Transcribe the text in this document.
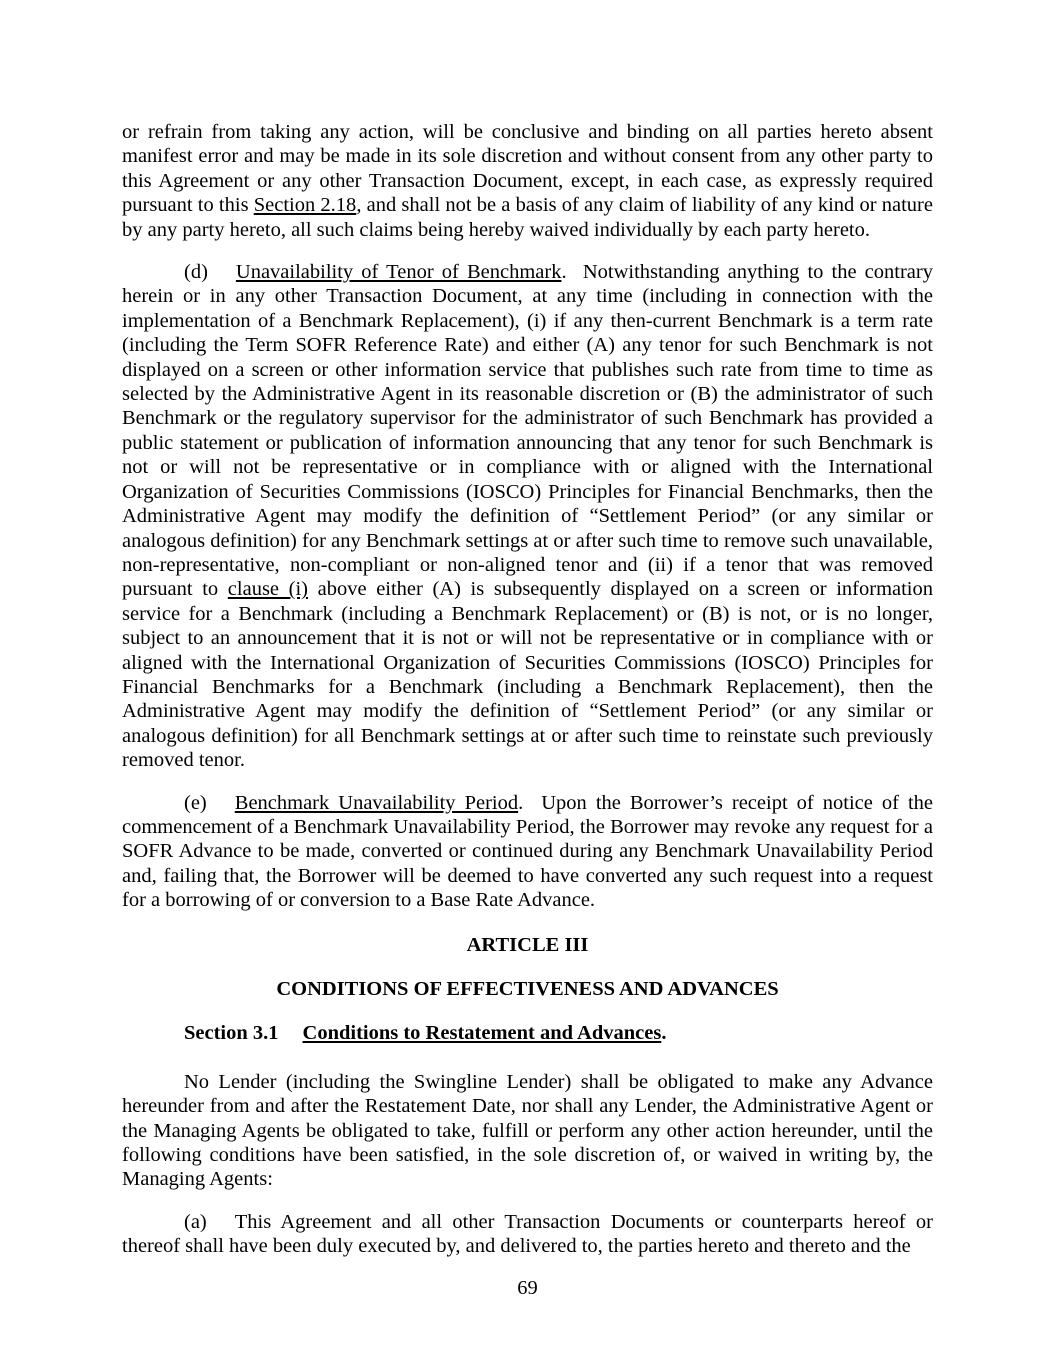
or refrain from taking any action, will be conclusive and binding on all parties hereto absent manifest error and may be made in its sole discretion and without consent from any other party to this Agreement or any other Transaction Document, except, in each case, as expressly required pursuant to this Section 2.18, and shall not be a basis of any claim of liability of any kind or nature by any party hereto, all such claims being hereby waived individually by each party hereto.

(d) Unavailability of Tenor of Benchmark.  Notwithstanding anything to the contrary herein or in any other Transaction Document, at any time (including in connection with the implementation of a Benchmark Replacement), (i) if any then-current Benchmark is a term rate (including the Term SOFR Reference Rate) and either (A) any tenor for such Benchmark is not displayed on a screen or other information service that publishes such rate from time to time as selected by the Administrative Agent in its reasonable discretion or (B) the administrator of such Benchmark or the regulatory supervisor for the administrator of such Benchmark has provided a public statement or publication of information announcing that any tenor for such Benchmark is not or will not be representative or in compliance with or aligned with the International Organization of Securities Commissions (IOSCO) Principles for Financial Benchmarks, then the Administrative Agent may modify the definition of “Settlement Period” (or any similar or analogous definition) for any Benchmark settings at or after such time to remove such unavailable, non-representative, non-compliant or non-aligned tenor and (ii) if a tenor that was removed pursuant to clause (i) above either (A) is subsequently displayed on a screen or information service for a Benchmark (including a Benchmark Replacement) or (B) is not, or is no longer, subject to an announcement that it is not or will not be representative or in compliance with or aligned with the International Organization of Securities Commissions (IOSCO) Principles for Financial Benchmarks for a Benchmark (including a Benchmark Replacement), then the Administrative Agent may modify the definition of “Settlement Period” (or any similar or analogous definition) for all Benchmark settings at or after such time to reinstate such previously removed tenor.

(e) Benchmark Unavailability Period.  Upon the Borrower’s receipt of notice of the commencement of a Benchmark Unavailability Period, the Borrower may revoke any request for a SOFR Advance to be made, converted or continued during any Benchmark Unavailability Period and, failing that, the Borrower will be deemed to have converted any such request into a request for a borrowing of or conversion to a Base Rate Advance.

ARTICLE III
CONDITIONS OF EFFECTIVENESS AND ADVANCES

Section 3.1 Conditions to Restatement and Advances.

No Lender (including the Swingline Lender) shall be obligated to make any Advance hereunder from and after the Restatement Date, nor shall any Lender, the Administrative Agent or the Managing Agents be obligated to take, fulfill or perform any other action hereunder, until the following conditions have been satisfied, in the sole discretion of, or waived in writing by, the Managing Agents:

(a) This Agreement and all other Transaction Documents or counterparts hereof or thereof shall have been duly executed by, and delivered to, the parties hereto and thereto and the

69
